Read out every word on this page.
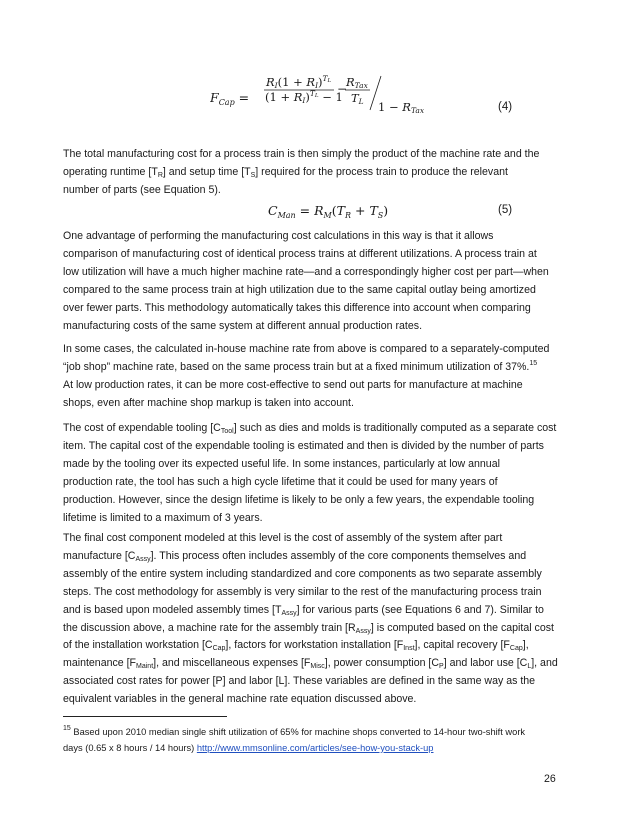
$F_{Cap}$ =
RI(1 + RI)$^T$L
(1 + RI)$^T$L − 1
−
RTax
TL 1 − RTax	(4)
The total manufacturing cost for a process train is then simply the product of the machine rate and the
operating runtime $[T_R]$ and setup time $[T_S]$ required for the process train to produce the relevant
number of parts (see Equation 5).
$C_{Man} = R_M(T_R + T_S)$	(5)
One advantage of performing the manufacturing cost calculations in this way is that it allows
comparison of manufacturing cost of identical process trains at different utilizations. A process train at
low utilization will have a much higher machine rate—and a correspondingly higher cost per part—when
compared to the same process train at high utilization due to the same capital outlay being amortized
over fewer parts. This methodology automatically takes this difference into account when comparing
manufacturing costs of the same system at different annual production rates.
In some cases, the calculated in-house machine rate from above is compared to a separately-computed
“job shop” machine rate, based on the same process train but at a fixed minimum utilization of 37%.$^{15}$
At low production rates, it can be more cost-effective to send out parts for manufacture at machine
shops, even after machine shop markup is taken into account.
The cost of expendable tooling $[C_{Tool}]$ such as dies and molds is traditionally computed as a separate cost
item. The capital cost of the expendable tooling is estimated and then is divided by the number of parts
made by the tooling over its expected useful life. In some instances, particularly at low annual
production rate, the tool has such a high cycle lifetime that it could be used for many years of
production. However, since the design lifetime is likely to be only a few years, the expendable tooling
lifetime is limited to a maximum of 3 years.
The final cost component modeled at this level is the cost of assembly of the system after part
manufacture $[C_{Assy}]$. This process often includes assembly of the core components themselves and
assembly of the entire system including standardized and core components as two separate assembly
steps. The cost methodology for assembly is very similar to the rest of the manufacturing process train
and is based upon modeled assembly times $[T_{Assy}]$ for various parts (see Equations 6 and 7). Similar to
the discussion above, a machine rate for the assembly train $[R_{Assy}]$ is computed based on the capital cost
of the installation workstation $[C_{Cap}]$, factors for workstation installation $[F_{Inst}]$, capital recovery $[F_{Cap}]$,
maintenance $[F_{Maint}]$, and miscellaneous expenses $[F_{Misc}]$, power consumption $[C_P]$ and labor use $[C_L]$, and
associated cost rates for power [P] and labor [L]. These variables are defined in the same way as the
equivalent variables in the general machine rate equation discussed above.
$^{15}$ Based upon 2010 median single shift utilization of 65% for machine shops converted to 14-hour two-shift work
days (0.65 x 8 hours / 14 hours) http://www.mmsonline.com/articles/see-how-you-stack-up
26
